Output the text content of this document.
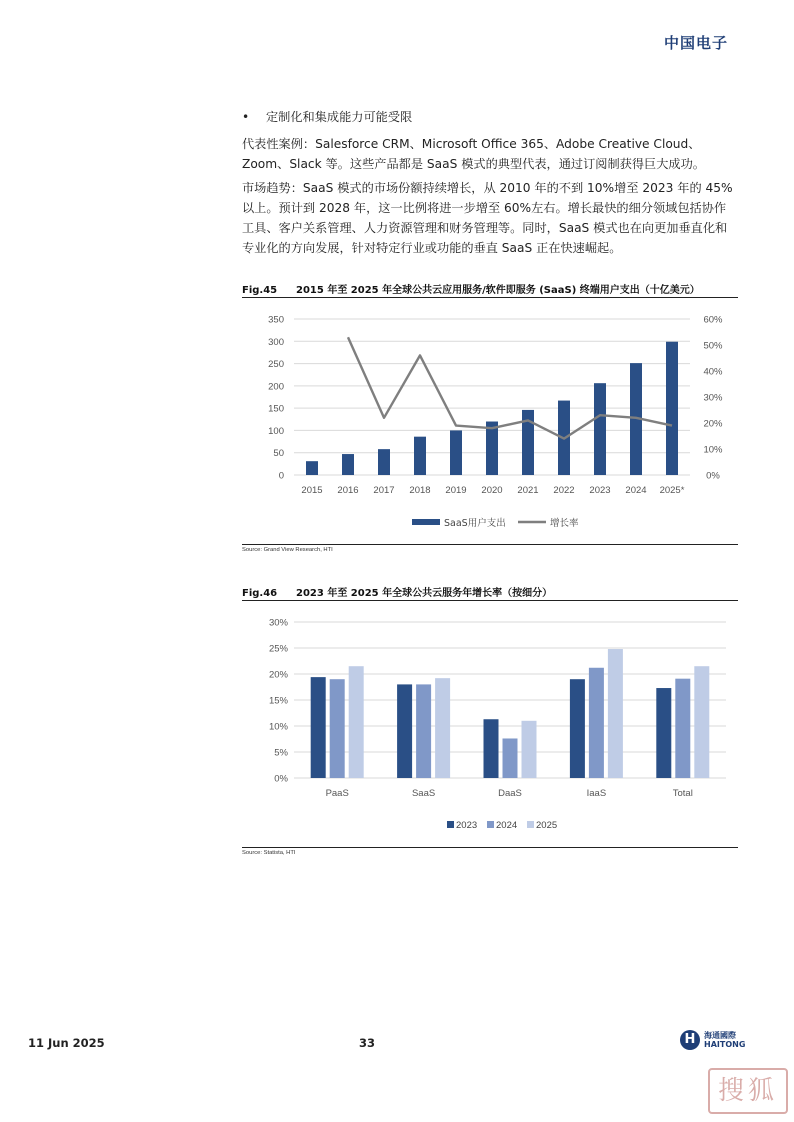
中国电子
• 定制化和集成能力可能受限
代表性案例：Salesforce CRM、Microsoft Office 365、Adobe Creative Cloud、Zoom、Slack 等。这些产品都是 SaaS 模式的典型代表，通过订阅制获得巨大成功。
市场趋势：SaaS 模式的市场份额持续增长，从 2010 年的不到 10%增至 2023 年的 45%以上。预计到 2028 年，这一比例将进一步增至 60%左右。增长最快的细分领域包括协作工具、客户关系管理、人力资源管理和财务管理等。同时，SaaS 模式也在向更加垂直化和专业化的方向发展，针对特定行业或功能的垂直 SaaS 正在快速崛起。
Fig.45 2015 年至 2025 年全球公共云应用服务/软件即服务 (SaaS) 终端用户支出（十亿美元）
0
50
100
150
200
250
300
350
0%
10%
20%
30%
40%
50%
60%
2015 2016 2017 2018 2019 2020 2021 2022 2023 2024 2025*
SaaS用户支出	增长率
Source: Grand View Research, HTI
Fig.46 2023 年至 2025 年全球公共云服务年增长率（按细分）
0%
5%
10%
15%
20%
25%
30%
PaaS	SaaS	DaaS	IaaS	Total
2023 2024 2025
Source: Statista, HTI
11 Jun 2025	33	H	海通國際
HAITONG
搜狐
